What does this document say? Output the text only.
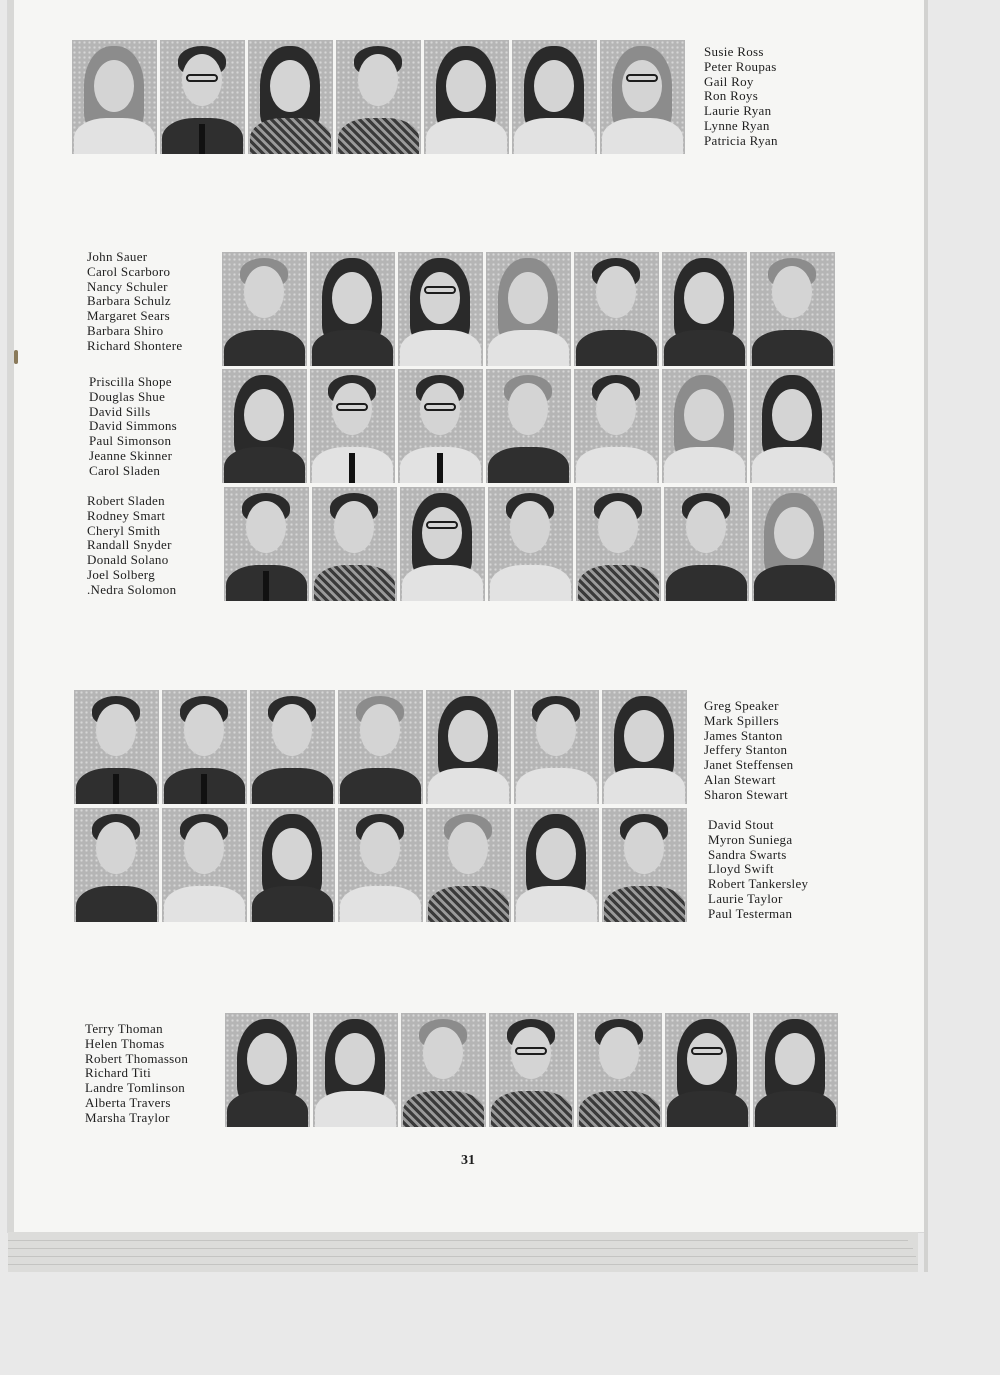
Susie Ross
Peter Roupas
Gail Roy
Ron Roys
Laurie Ryan
Lynne Ryan
Patricia Ryan
John Sauer
Carol Scarboro
Nancy Schuler
Barbara Schulz
Margaret Sears
Barbara Shiro
Richard Shontere
Priscilla Shope
Douglas Shue
David Sills
David Simmons
Paul Simonson
Jeanne Skinner
Carol Sladen
Robert Sladen
Rodney Smart
Cheryl Smith
Randall Snyder
Donald Solano
Joel Solberg
.Nedra Solomon
Greg Speaker
Mark Spillers
James Stanton
Jeffery Stanton
Janet Steffensen
Alan Stewart
Sharon Stewart
David Stout
Myron Suniega
Sandra Swarts
Lloyd Swift
Robert Tankersley
Laurie Taylor
Paul Testerman
Terry Thoman
Helen Thomas
Robert Thomasson
Richard Titi
Landre Tomlinson
Alberta Travers
Marsha Traylor
31
